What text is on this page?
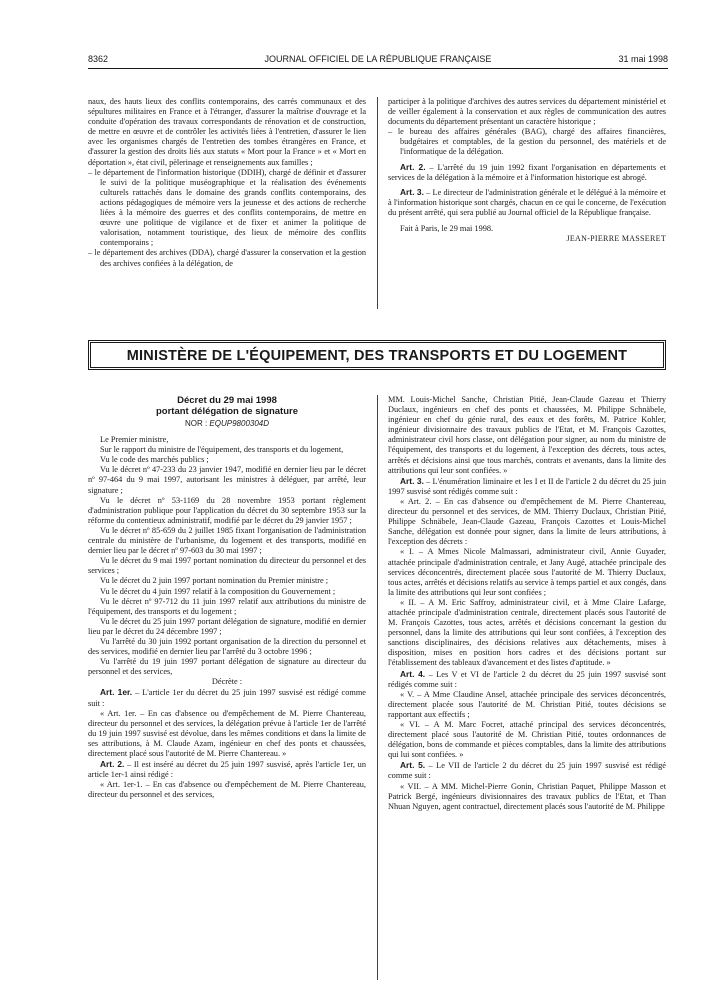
8362	JOURNAL OFFICIEL DE LA RÉPUBLIQUE FRANÇAISE	31 mai 1998

naux, des hauts lieux des conflits contemporains, des carrés communaux et des sépultures militaires en France et à l'étranger, d'assurer la maîtrise d'ouvrage et la conduite d'opération des travaux correspondants de rénovation et de construction, de mettre en œuvre et de contrôler les activités liées à l'entretien, d'assurer le lien avec les organismes chargés de l'entretien des tombes étrangères en France, et d'assurer la gestion des droits liés aux statuts « Mort pour la France » et « Mort en déportation », état civil, pèlerinage et renseignements aux familles ;

– le département de l'information historique (DDIH), chargé de définir et d'assurer le suivi de la politique muséographique et la réalisation des événements culturels rattachés dans le domaine des grands conflits contemporains, des actions pédagogiques de mémoire vers la jeunesse et des actions de recherche liées à la mémoire des guerres et des conflits contemporains, de mettre en œuvre une politique de vigilance et de fixer et animer la politique de valorisation, notamment touristique, des lieux de mémoire des conflits contemporains ;

– le département des archives (DDA), chargé d'assurer la conservation et la gestion des archives confiées à la délégation, de

participer à la politique d'archives des autres services du département ministériel et de veiller également à la conservation et aux règles de communication des autres documents du département présentant un caractère historique ;

– le bureau des affaires générales (BAG), chargé des affaires financières, budgétaires et comptables, de la gestion du personnel, des matériels et de l'informatique de la délégation.

Art. 2. – L'arrêté du 19 juin 1992 fixant l'organisation en départements et services de la délégation à la mémoire et à l'information historique est abrogé.

Art. 3. – Le directeur de l'administration générale et le délégué à la mémoire et à l'information historique sont chargés, chacun en ce qui le concerne, de l'exécution du présent arrêté, qui sera publié au Journal officiel de la République française.

Fait à Paris, le 29 mai 1998.

JEAN-PIERRE MASSERET

MINISTÈRE DE L'ÉQUIPEMENT, DES TRANSPORTS ET DU LOGEMENT
Décret du 29 mai 1998
portant délégation de signature
NOR : EQUP9800304D

Le Premier ministre,

Sur le rapport du ministre de l'équipement, des transports et du logement,

Vu le code des marchés publics ;

Vu le décret nº 47-233 du 23 janvier 1947, modifié en dernier lieu par le décret nº 97-464 du 9 mai 1997, autorisant les ministres à déléguer, par arrêté, leur signature ;

Vu le décret nº 53-1169 du 28 novembre 1953 portant règlement d'administration publique pour l'application du décret du 30 septembre 1953 sur la réforme du contentieux administratif, modifié par le décret du 29 janvier 1957 ;

Vu le décret nº 85-659 du 2 juillet 1985 fixant l'organisation de l'administration centrale du ministère de l'urbanisme, du logement et des transports, modifié en dernier lieu par le décret nº 97-603 du 30 mai 1997 ;

Vu le décret du 9 mai 1997 portant nomination du directeur du personnel et des services ;

Vu le décret du 2 juin 1997 portant nomination du Premier ministre ;

Vu le décret du 4 juin 1997 relatif à la composition du Gouvernement ;

Vu le décret nº 97-712 du 11 juin 1997 relatif aux attributions du ministre de l'équipement, des transports et du logement ;

Vu le décret du 25 juin 1997 portant délégation de signature, modifié en dernier lieu par le décret du 24 décembre 1997 ;

Vu l'arrêté du 30 juin 1992 portant organisation de la direction du personnel et des services, modifié en dernier lieu par l'arrêté du 3 octobre 1996 ;

Vu l'arrêté du 19 juin 1997 portant délégation de signature au directeur du personnel et des services,

Décrète :

Art. 1er. – L'article 1er du décret du 25 juin 1997 susvisé est rédigé comme suit :

« Art. 1er. – En cas d'absence ou d'empêchement de M. Pierre Chantereau, directeur du personnel et des services, la délégation prévue à l'article 1er de l'arrêté du 19 juin 1997 susvisé est dévolue, dans les mêmes conditions et dans la limite de ses attributions, à M. Claude Azam, ingénieur en chef des ponts et chaussées, directement placé sous l'autorité de M. Pierre Chantereau. »

Art. 2. – Il est inséré au décret du 25 juin 1997 susvisé, après l'article 1er, un article 1er-1 ainsi rédigé :

« Art. 1er-1. – En cas d'absence ou d'empêchement de M. Pierre Chantereau, directeur du personnel et des services,

MM. Louis-Michel Sanche, Christian Pitié, Jean-Claude Gazeau et Thierry Duclaux, ingénieurs en chef des ponts et chaussées, M. Philippe Schnäbele, ingénieur en chef du génie rural, des eaux et des forêts, M. Patrice Kohler, ingénieur divisionnaire des travaux publics de l'Etat, et M. François Cazottes, administrateur civil hors classe, ont délégation pour signer, au nom du ministre de l'équipement, des transports et du logement, à l'exception des décrets, tous actes, arrêtés et décisions ainsi que tous marchés, contrats et avenants, dans la limite des attributions qui leur sont confiées. »

Art. 3. – L'énumération liminaire et les I et II de l'article 2 du décret du 25 juin 1997 susvisé sont rédigés comme suit :

« Art. 2. – En cas d'absence ou d'empêchement de M. Pierre Chantereau, directeur du personnel et des services, de MM. Thierry Duclaux, Christian Pitié, Philippe Schnäbele, Jean-Claude Gazeau, François Cazottes et Louis-Michel Sanche, délégation est donnée pour signer, dans la limite de leurs attributions, à l'exception des décrets :

« I. – A Mmes Nicole Malmassari, administrateur civil, Annie Guyader, attachée principale d'administration centrale, et Jany Augé, attachée principale des services déconcentrés, directement placée sous l'autorité de M. Thierry Duclaux, tous actes, arrêtés et décisions relatifs au service à temps partiel et aux congés, dans la limite des attributions qui leur sont confiées ;

« II. – A M. Eric Saffroy, administrateur civil, et à Mme Claire Lafarge, attachée principale d'administration centrale, directement placés sous l'autorité de M. François Cazottes, tous actes, arrêtés et décisions concernant la gestion du personnel, dans la limite des attributions qui leur sont confiées, à l'exception des sanctions disciplinaires, des décisions relatives aux détachements, mises à disposition, mises en position hors cadres et des décisions portant sur l'établissement des tableaux d'avancement et des listes d'aptitude. »

Art. 4. – Les V et VI de l'article 2 du décret du 25 juin 1997 susvisé sont rédigés comme suit :

« V. – A Mme Claudine Ansel, attachée principale des services déconcentrés, directement placée sous l'autorité de M. Christian Pitié, toutes décisions se rapportant aux effectifs ;

« VI. – A M. Marc Focret, attaché principal des services déconcentrés, directement placé sous l'autorité de M. Christian Pitié, toutes ordonnances de délégation, bons de commande et pièces comptables, dans la limite des attributions qui lui sont confiées. »

Art. 5. – Le VII de l'article 2 du décret du 25 juin 1997 susvisé est rédigé comme suit :

« VII. – A MM. Michel-Pierre Gonin, Christian Paquet, Philippe Masson et Patrick Bergé, ingénieurs divisionnaires des travaux publics de l'Etat, et Than Nhuan Nguyen, agent contractuel, directement placés sous l'autorité de M. Philippe
